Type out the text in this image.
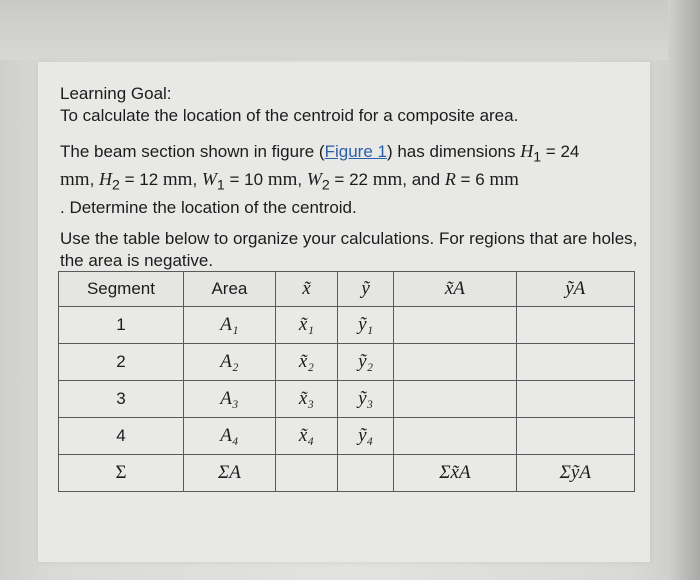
Learning Goal:
To calculate the location of the centroid for a composite area.
The beam section shown in figure (Figure 1) has dimensions $H_1 = 24$
mm, $H_2 = 12$ mm, $W_1 = 10$ mm, $W_2 = 22$ mm, and R = 6 mm
. Determine the location of the centroid.
Use the table below to organize your calculations. For regions that are holes, the area is negative.
Segment	Area	x̃	ỹ	x̃A	ỹA
1	A₁	x̃₁	ỹ₁		
2	A₂	x̃₂	ỹ₂		
3	A₃	x̃₃	ỹ₃		
4	A₄	x̃₄	ỹ₄		
Σ	ΣA			Σx̃A	ΣỹA
